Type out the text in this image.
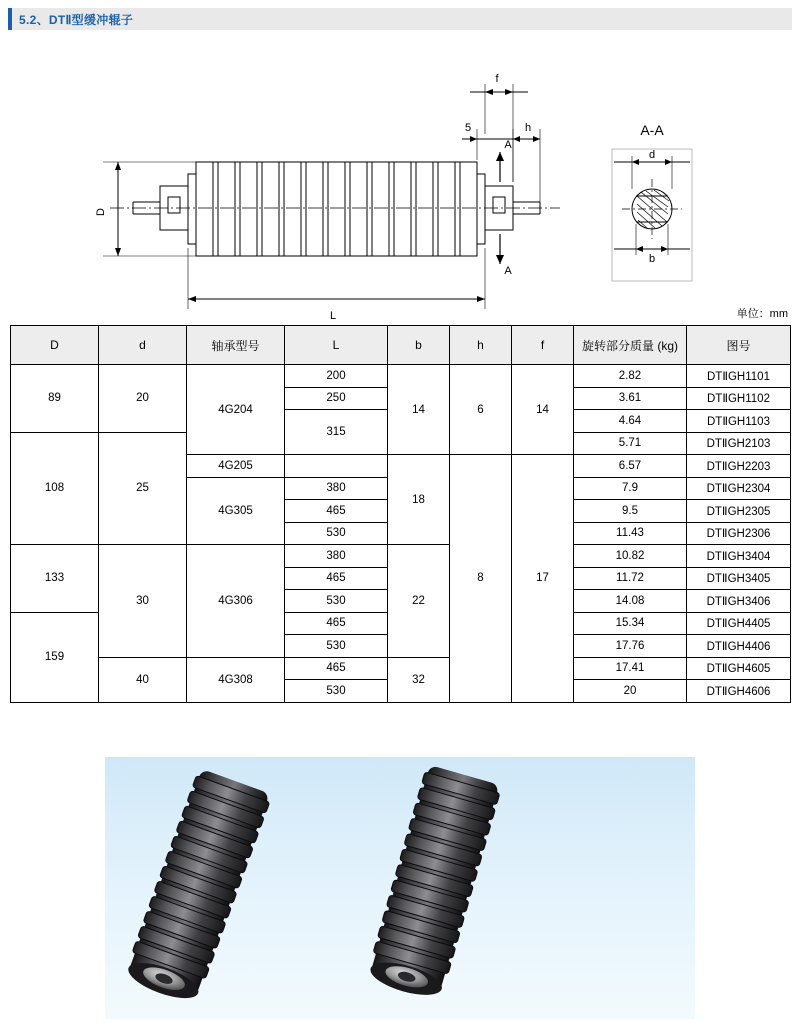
5.2、DTⅡ型缓冲辊子
D
L
f
5	h
A
A
A-A
d
b
单位：mm
D	d	轴承型号	L	b	h	f	旋转部分质量 (kg)	图号
89	20	4G204	200	14	6	14	2.82	DTⅡGH1101
			250				3.61	DTⅡGH1102
			315				4.64	DTⅡGH1103
108	25						5.71	DTⅡGH2103
		4G205		18	8	17	6.57	DTⅡGH2203
		4G305	380				7.9	DTⅡGH2304
			465				9.5	DTⅡGH2305
			530				11.43	DTⅡGH2306
133	30	4G306	380	22			10.82	DTⅡGH3404
			465				11.72	DTⅡGH3405
			530				14.08	DTⅡGH3406
159			465				15.34	DTⅡGH4405
			530				17.76	DTⅡGH4406
	40	4G308	465	32			17.41	DTⅡGH4605
			530				20	DTⅡGH4606
